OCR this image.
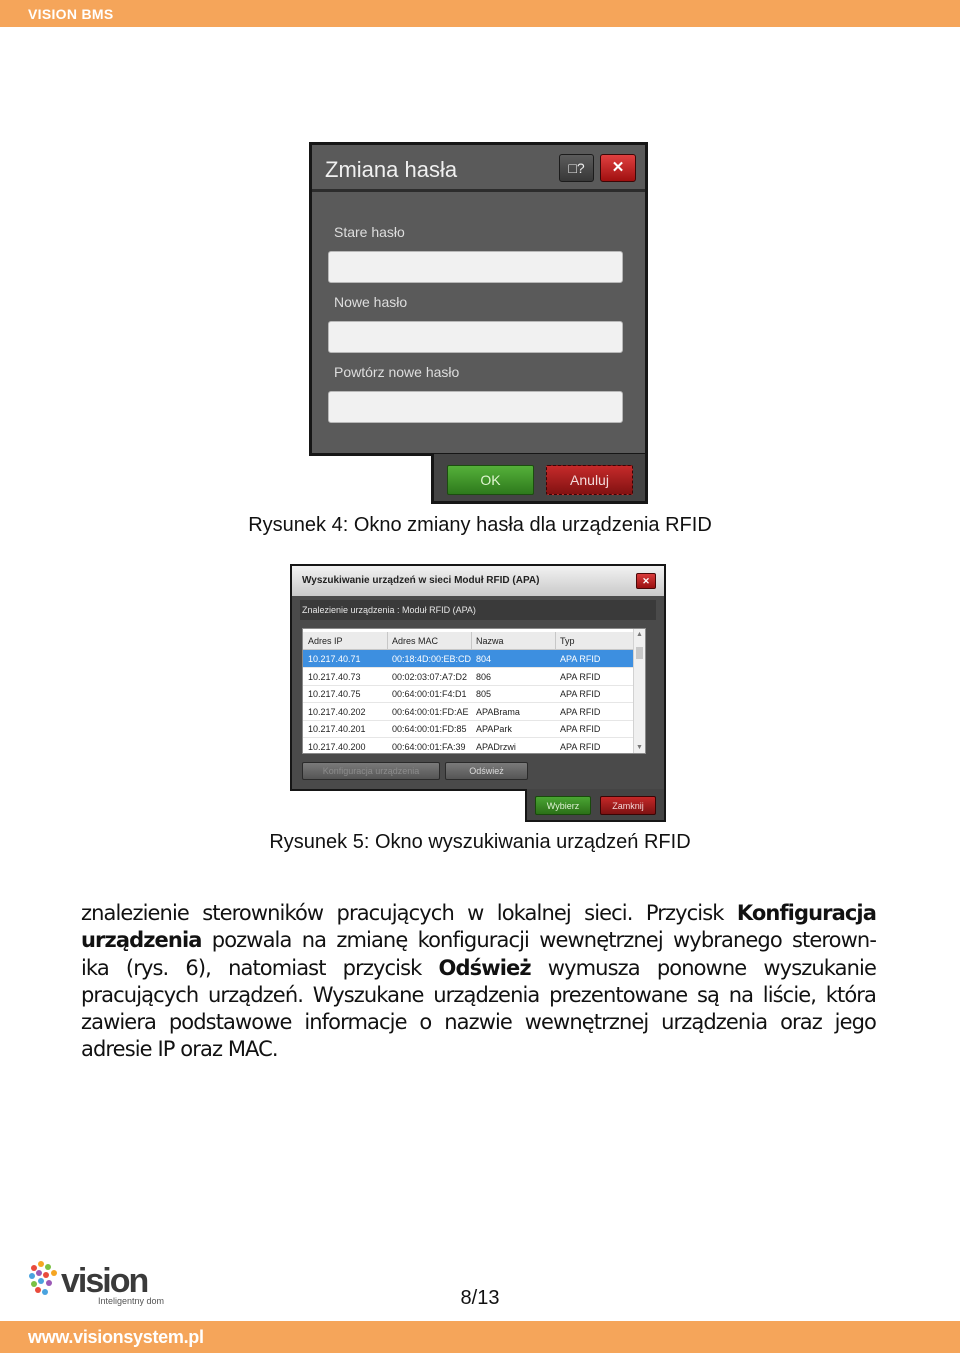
VISION BMS
Zmiana hasła	□?	✕
Stare hasło
Nowe hasło
Powtórz nowe hasło
OK	Anuluj
Rysunek 4: Okno zmiany hasła dla urządzenia RFID
Wyszukiwanie urządzeń w sieci Moduł RFID (APA)	✕
Znalezienie urządzenia : Moduł RFID (APA)
Adres IP	Adres MAC	Nazwa	Typ
10.217.40.71	00:18:4D:00:EB:CD 804	APA RFID
10.217.40.73	00:02:03:07:A7:D2 806	APA RFID
10.217.40.75	00:64:00:01:F4:D1 805	APA RFID
10.217.40.202	00:64:00:01:FD:AE APABrama	APA RFID
10.217.40.201	00:64:00:01:FD:85 APAPark	APA RFID
10.217.40.200	00:64:00:01:FA:39 APADrzwi	APA RFID
▲
▼
Konfiguracja urządzenia	Odśwież
Wybierz	Zamknij
Rysunek 5: Okno wyszukiwania urządzeń RFID
znalezienie sterowników pracujących w lokalnej sieci. Przycisk Konfiguracja
urządzenia pozwala na zmianę konfiguracji wewnętrznej wybranego sterown-
ika (rys. 6), natomiast przycisk Odśwież wymusza ponowne wyszukanie
pracujących urządzeń. Wyszukane urządzenia prezentowane są na liście, która
zawiera podstawowe informacje o nazwie wewnętrznej urządzenia oraz jego
adresie IP oraz MAC.
vision
Inteligentny dom	8/13
www.visionsystem.pl
